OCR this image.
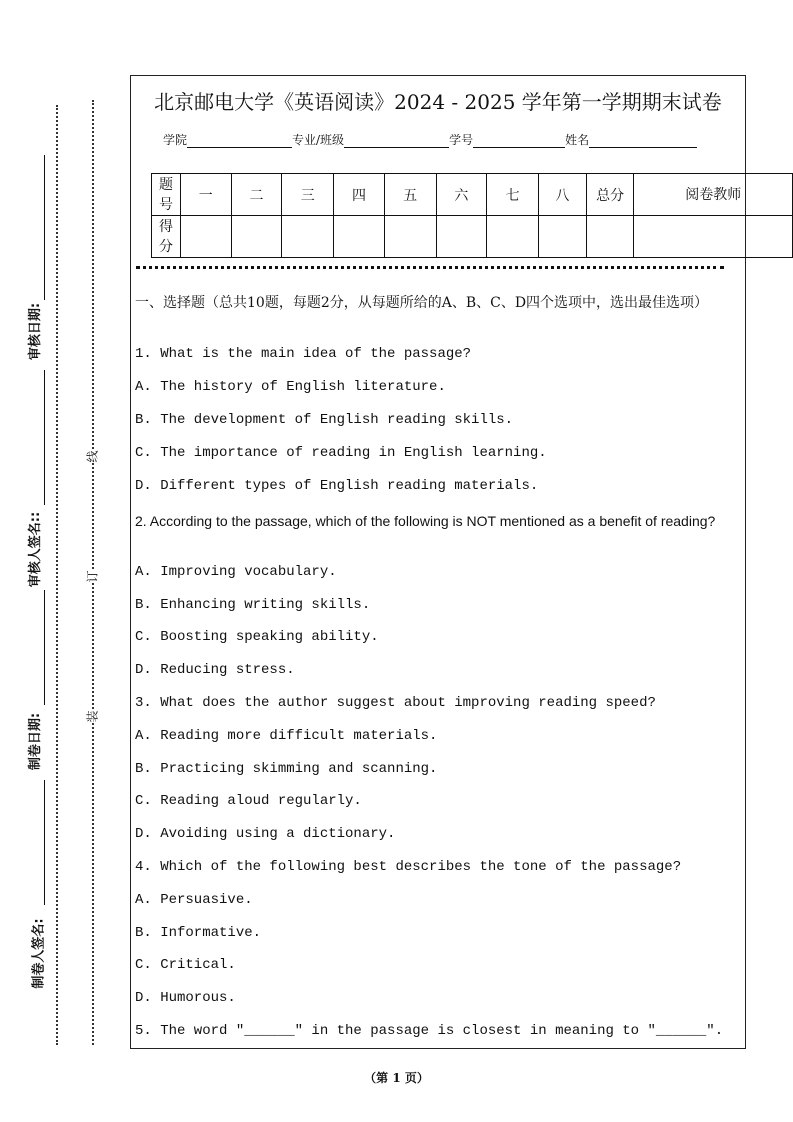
审核日期:
审核人签名::
制卷日期:
制卷人签名:
线
订
装
北京邮电大学《英语阅读》2024 - 2025 学年第一学期期末试卷
学院	专业/班级	学号	姓名
题号	一	二	三	四	五	六	七	八	总分	阅卷教师
得分										
一、选择题（总共10题，每题2分，从每题所给的A、B、C、D四个选项中，选出最佳选项）
1. What is the main idea of the passage?
A. The history of English literature.
B. The development of English reading skills.
C. The importance of reading in English learning.
D. Different types of English reading materials.
2. According to the passage, which of the following is NOT mentioned as a benefit of reading?
A. Improving vocabulary.
B. Enhancing writing skills.
C. Boosting speaking ability.
D. Reducing stress.
3. What does the author suggest about improving reading speed?
A. Reading more difficult materials.
B. Practicing skimming and scanning.
C. Reading aloud regularly.
D. Avoiding using a dictionary.
4. Which of the following best describes the tone of the passage?
A. Persuasive.
B. Informative.
C. Critical.
D. Humorous.
5. The word "______" in the passage is closest in meaning to "______".
（第 1 页）
